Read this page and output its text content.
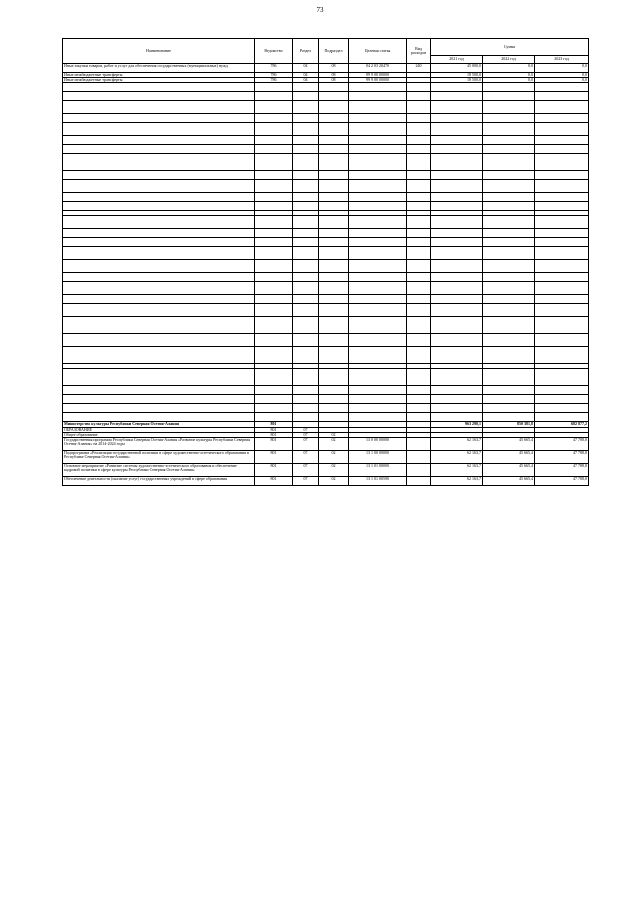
73
Наименование	Ведомство	Раздел	Подраздел	Целевая статья	Вид расходов	Сумма		
						2021 год	2022 год	2023 год
Иные закупки товаров, работ и услуг для обеспечения государственных (муниципальных) нужд	786	04	08	04 2 03 20470	240	45 000,0	0,0	0,0
Иные межбюджетные трансферты	786	04	08	99 9 00 00000		18 500,0	0,0	0,0
Иные межбюджетные трансферты	786	04	08	99 9 00 00000		18 500,0	0,0	0,0

Министерство культуры Республики Северная Осетия-Алания	801					963 298,1	850 381,8	682 877,2
ОБРАЗОВАНИЕ	801	07						
Общее образование	801	07	02					
Государственная программа Республики Северная Осетия-Алания «Развитие культуры Республики Северная Осетия-Алания» на 2014-2024 годы	801	07	02	13 0 00 00000		62 163,7	45 665,4	47 788,8
Подпрограмма «Реализация государственной политики в сфере художественно-эстетического образования в Республике Северная Осетия-Алания»	801	07	02	13 1 00 00000		62 163,7	45 665,4	47 788,8
Основное мероприятие «Развитие системы художественно-эстетического образования и обеспечение кадровой политики в сфере культуры Республики Северная Осетия-Алания»	801	07	02	13 1 01 00000		62 163,7	45 665,4	47 788,8
Обеспечение деятельности (оказание услуг) государственных учреждений в сфере образования	801	07	02	13 1 01 00590		62 163,7	45 665,4	47 788,8
